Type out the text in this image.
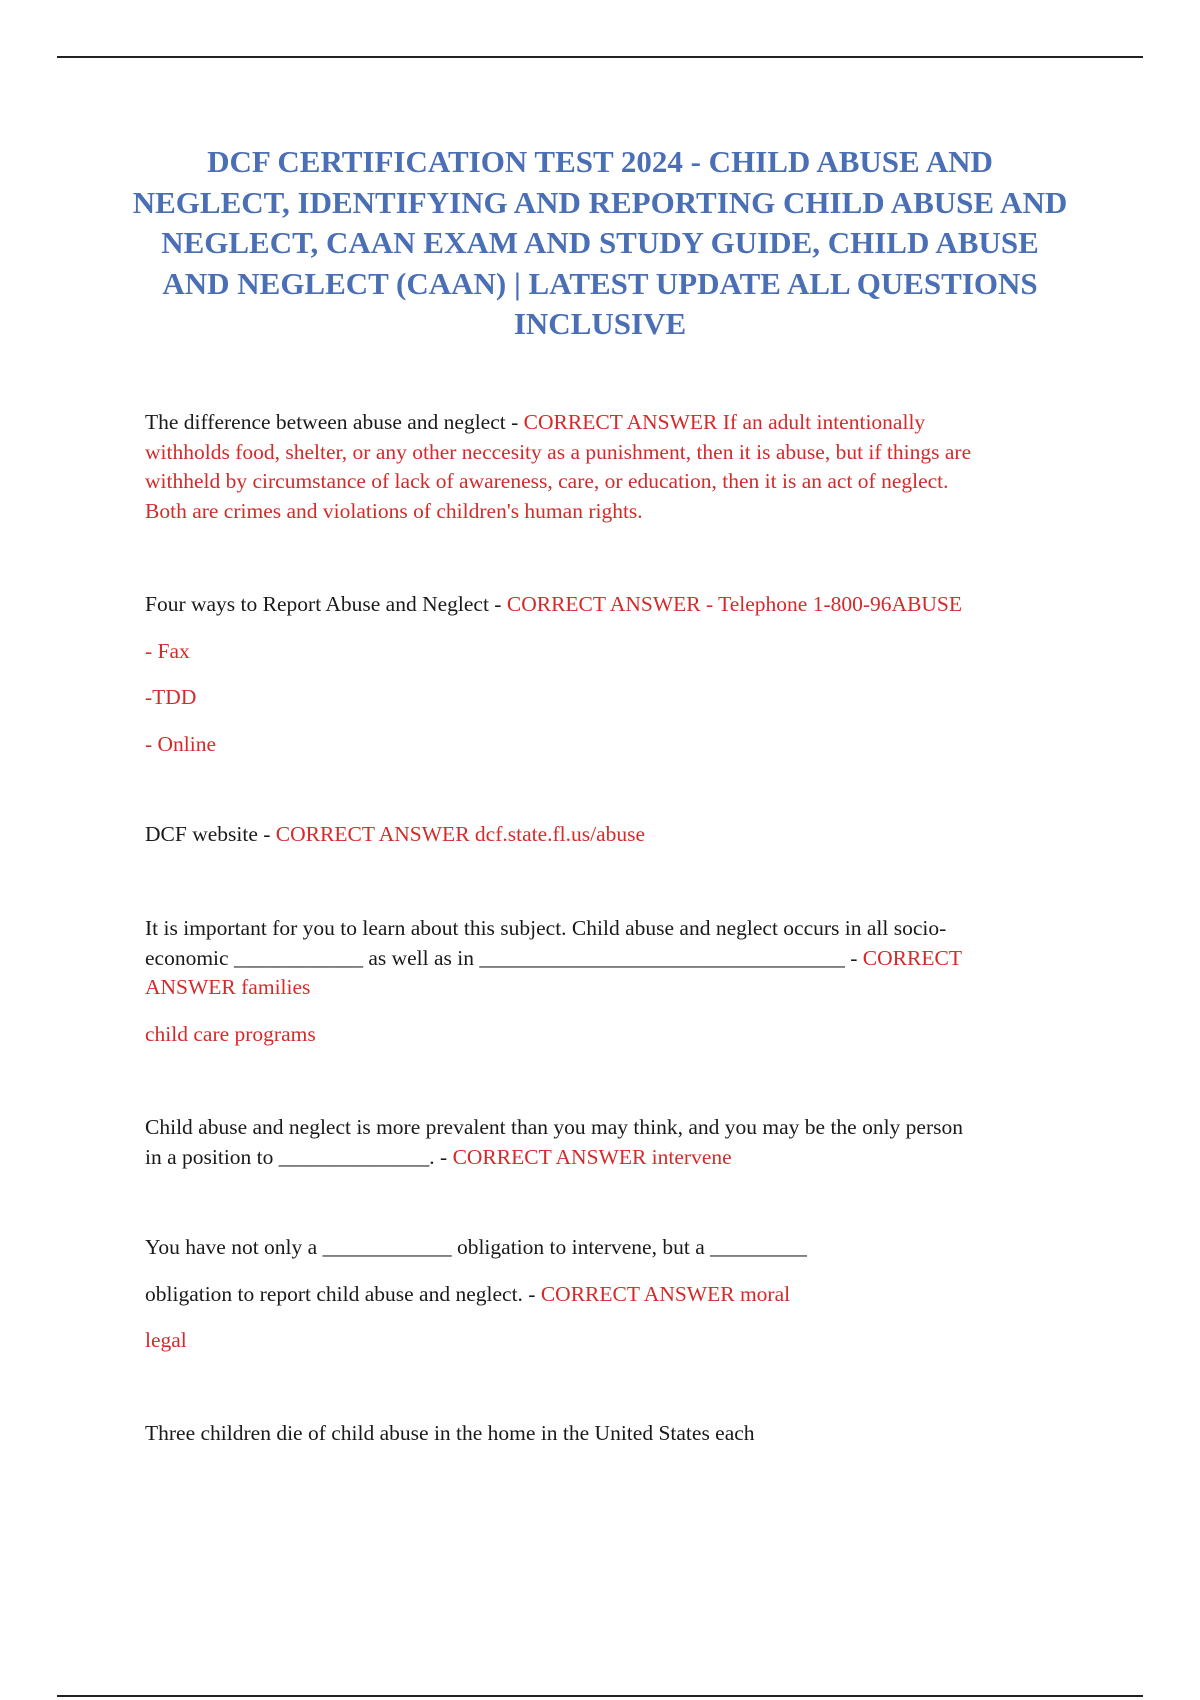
DCF CERTIFICATION TEST 2024 - CHILD ABUSE AND NEGLECT, IDENTIFYING AND REPORTING CHILD ABUSE AND NEGLECT, CAAN EXAM AND STUDY GUIDE, CHILD ABUSE AND NEGLECT (CAAN) | LATEST UPDATE ALL QUESTIONS INCLUSIVE
The difference between abuse and neglect - CORRECT ANSWER If an adult intentionally
withholds food, shelter, or any other neccesity as a punishment, then it is abuse, but if things are
withheld by circumstance of lack of awareness, care, or education, then it is an act of neglect.
Both are crimes and violations of children's human rights.
Four ways to Report Abuse and Neglect - CORRECT ANSWER - Telephone 1-800-96ABUSE
- Fax
-TDD
- Online
DCF website - CORRECT ANSWER dcf.state.fl.us/abuse
It is important for you to learn about this subject. Child abuse and neglect occurs in all socio-
economic ____________ as well as in __________________________________ - CORRECT
ANSWER families
child care programs
Child abuse and neglect is more prevalent than you may think, and you may be the only person
in a position to ______________. - CORRECT ANSWER intervene
You have not only a ____________ obligation to intervene, but a _________
obligation to report child abuse and neglect. - CORRECT ANSWER moral
legal
Three children die of child abuse in the home in the United States each
